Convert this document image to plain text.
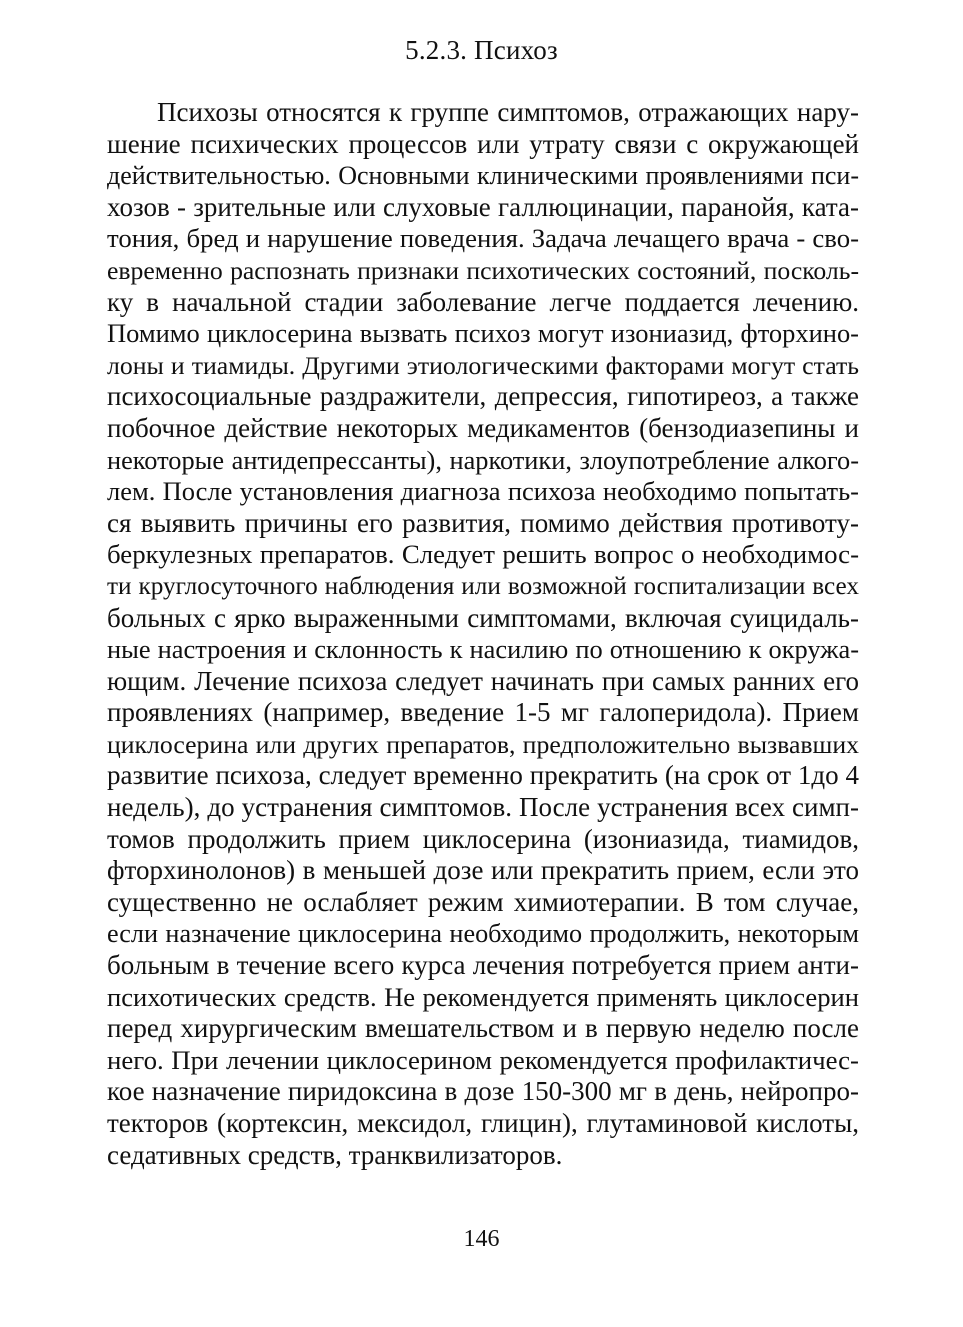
5.2.3. Психоз
Психозы относятся к группе симптомов, отражающих нару-
шение психических процессов или утрату связи с окружающей
действительностью. Основными клиническими проявлениями пси-
хозов - зрительные или слуховые галлюцинации, паранойя, ката-
тония, бред и нарушение поведения. Задача лечащего врача - сво-
евременно распознать признаки психотических состояний, посколь-
ку в начальной стадии заболевание легче поддается лечению.
Помимо циклосерина вызвать психоз могут изониазид, фторхино-
лоны и тиамиды. Другими этиологическими факторами могут стать
психосоциальные раздражители, депрессия, гипотиреоз, а также
побочное действие некоторых медикаментов (бензодиазепины и
некоторые антидепрессанты), наркотики, злоупотребление алкого-
лем. После установления диагноза психоза необходимо попытать-
ся выявить причины его развития, помимо действия противоту-
беркулезных препаратов. Следует решить вопрос о необходимос-
ти круглосуточного наблюдения или возможной госпитализации всех
больных с ярко выраженными симптомами, включая суицидаль-
ные настроения и склонность к насилию по отношению к окружа-
ющим. Лечение психоза следует начинать при самых ранних его
проявлениях (например, введение 1-5 мг галоперидола). Прием
циклосерина или других препаратов, предположительно вызвавших
развитие психоза, следует временно прекратить (на срок от 1до 4
недель), до устранения симптомов. После устранения всех симп-
томов продолжить прием циклосерина (изониазида, тиамидов,
фторхинолонов) в меньшей дозе или прекратить прием, если это
существенно не ослабляет режим химиотерапии. В том случае,
если назначение циклосерина необходимо продолжить, некоторым
больным в течение всего курса лечения потребуется прием анти-
психотических средств. Не рекомендуется применять циклосерин
перед хирургическим вмешательством и в первую неделю после
него. При лечении циклосерином рекомендуется профилактичес-
кое назначение пиридоксина в дозе 150-300 мг в день, нейропро-
текторов (кортексин, мексидол, глицин), глутаминовой кислоты,
седативных средств, транквилизаторов.
146
